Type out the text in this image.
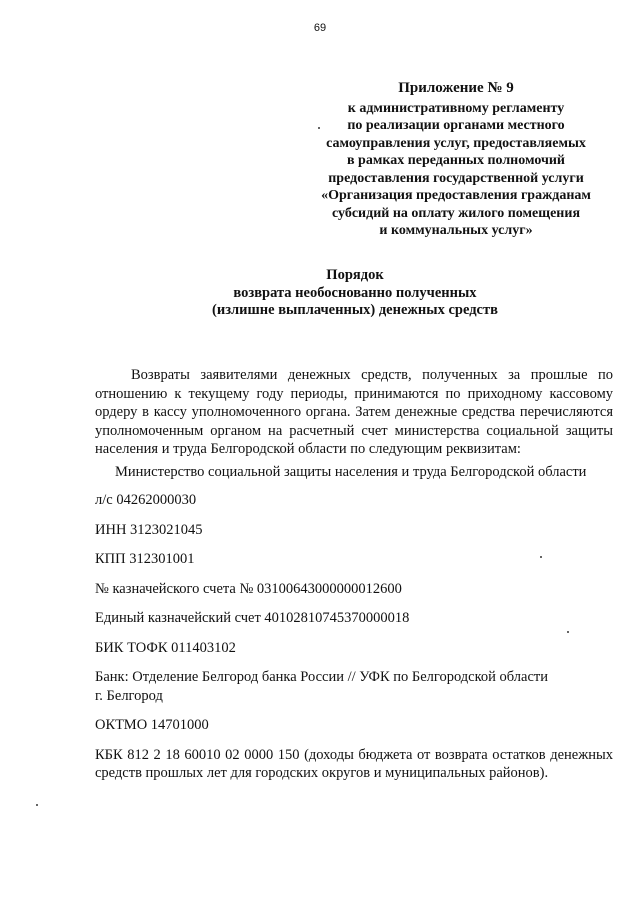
69
Приложение № 9
к административному регламенту
по реализации органами местного
самоуправления услуг, предоставляемых
в рамках переданных полномочий
предоставления государственной услуги
«Организация предоставления гражданам
субсидий на оплату жилого помещения
и коммунальных услуг»
Порядок
возврата необоснованно полученных
(излишне выплаченных) денежных средств

Возвраты заявителями денежных средств, полученных за прошлые по отношению к текущему году периоды, принимаются по приходному кассовому ордеру в кассу уполномоченного органа. Затем денежные средства перечисляются уполномоченным органом на расчетный счет министерства социальной защиты населения и труда Белгородской области по следующим реквизитам:

Министерство социальной защиты населения и труда Белгородской области

л/с 04262000030

ИНН 3123021045

КПП 312301001

№ казначейского счета № 03100643000000012600

Единый казначейский счет 40102810745370000018

БИК ТОФК 011403102

Банк: Отделение Белгород банка России // УФК по Белгородской области г. Белгород

ОКТМО 14701000

КБК 812 2 18 60010 02 0000 150 (доходы бюджета от возврата остатков денежных средств прошлых лет для городских округов и муниципальных районов).
